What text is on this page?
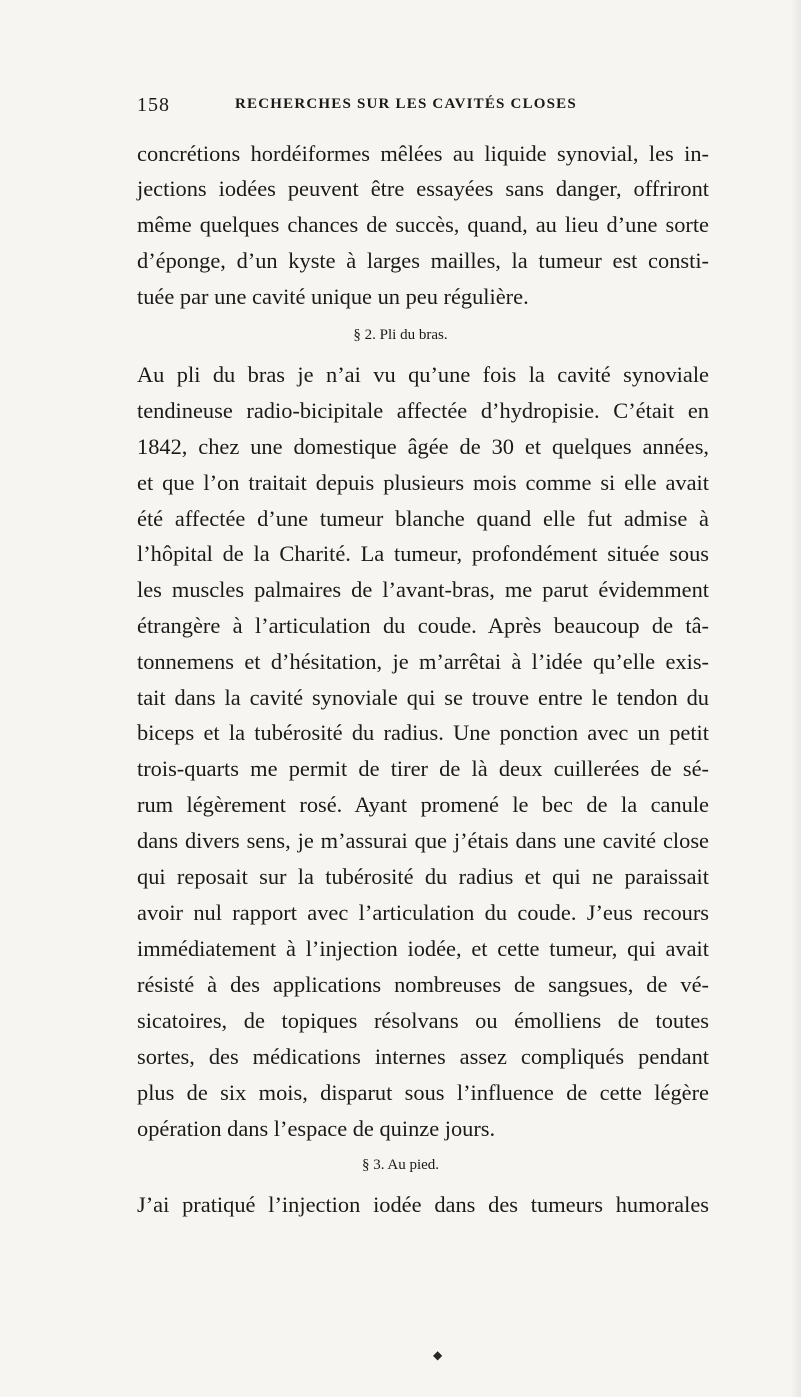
158	RECHERCHES SUR LES CAVITÉS CLOSES
concrétions hordéiformes mêlées au liquide synovial, les in-
jections iodées peuvent être essayées sans danger, offriront
même quelques chances de succès, quand, au lieu d’une sorte
d’éponge, d’un kyste à larges mailles, la tumeur est consti-
tuée par une cavité unique un peu régulière.
§ 2. Pli du bras.
Au pli du bras je n’ai vu qu’une fois la cavité synoviale
tendineuse radio-bicipitale affectée d’hydropisie. C’était en
1842, chez une domestique âgée de 30 et quelques années,
et que l’on traitait depuis plusieurs mois comme si elle avait
été affectée d’une tumeur blanche quand elle fut admise à
l’hôpital de la Charité. La tumeur, profondément située sous
les muscles palmaires de l’avant-bras, me parut évidemment
étrangère à l’articulation du coude. Après beaucoup de tâ-
tonnemens et d’hésitation, je m’arrêtai à l’idée qu’elle exis-
tait dans la cavité synoviale qui se trouve entre le tendon du
biceps et la tubérosité du radius. Une ponction avec un petit
trois-quarts me permit de tirer de là deux cuillerées de sé-
rum légèrement rosé. Ayant promené le bec de la canule
dans divers sens, je m’assurai que j’étais dans une cavité close
qui reposait sur la tubérosité du radius et qui ne paraissait
avoir nul rapport avec l’articulation du coude. J’eus recours
immédiatement à l’injection iodée, et cette tumeur, qui avait
résisté à des applications nombreuses de sangsues, de vé-
sicatoires, de topiques résolvans ou émolliens de toutes
sortes, des médications internes assez compliqués pendant
plus de six mois, disparut sous l’influence de cette légère
opération dans l’espace de quinze jours.
§ 3. Au pied.
J’ai pratiqué l’injection iodée dans des tumeurs humorales
◆
